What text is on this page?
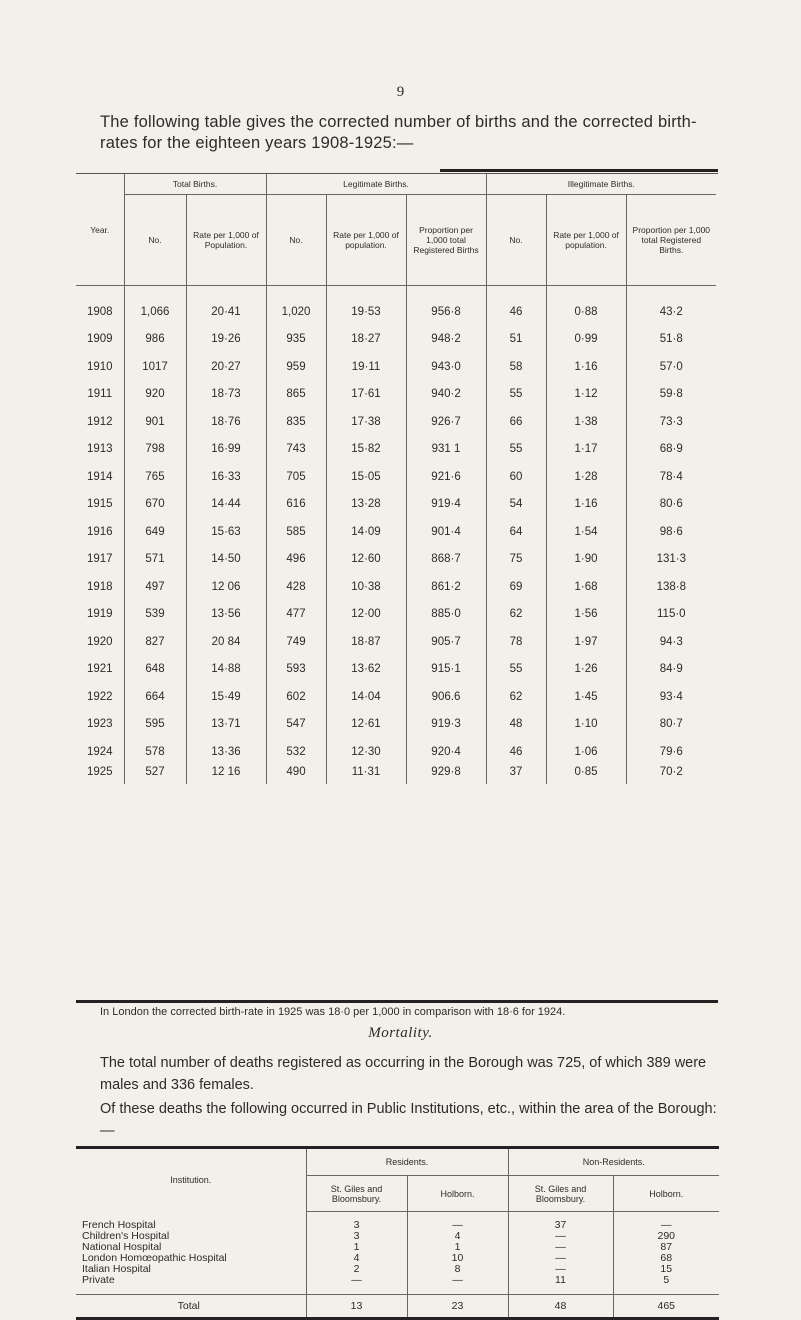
9
The following table gives the corrected number of births and the corrected birth-rates for the eighteen years 1908-1925:—
Year.	Total Births.		Legitimate Births.			Illegitimate Births.		
	No.	Rate per 1,000 of Population.	No.	Rate per 1,000 of population.	Proportion per 1,000 total Registered Births	No.	Rate per 1,000 of population.	Proportion per 1,000 total Registered Births.
1908	1,066	20·41	1,020	19·53	956·8	46	0·88	43·2
1909	986	19·26	935	18·27	948·2	51	0·99	51·8
1910	1017	20·27	959	19·11	943·0	58	1·16	57·0
1911	920	18·73	865	17·61	940·2	55	1·12	59·8
1912	901	18·76	835	17·38	926·7	66	1·38	73·3
1913	798	16·99	743	15·82	931 1	55	1·17	68·9
1914	765	16·33	705	15·05	921·6	60	1·28	78·4
1915	670	14·44	616	13·28	919·4	54	1·16	80·6
1916	649	15·63	585	14·09	901·4	64	1·54	98·6
1917	571	14·50	496	12·60	868·7	75	1·90	131·3
1918	497	12 06	428	10·38	861·2	69	1·68	138·8
1919	539	13·56	477	12·00	885·0	62	1·56	115·0
1920	827	20 84	749	18·87	905·7	78	1·97	94·3
1921	648	14·88	593	13·62	915·1	55	1·26	84·9
1922	664	15·49	602	14·04	906.6	62	1·45	93·4
1923	595	13·71	547	12·61	919·3	48	1·10	80·7
1924	578	13·36	532	12·30	920·4	46	1·06	79·6
1925	527	12 16	490	11·31	929·8	37	0·85	70·2
In London the corrected birth-rate in 1925 was 18·0 per 1,000 in comparison with 18·6 for 1924.
Mortality.
The total number of deaths registered as occurring in the Borough was 725, of which 389 were males and 336 females.
Of these deaths the following occurred in Public Institutions, etc., within the area of the Borough:—
Institution.	Residents.		Non-Residents.	
	St. Giles and Bloomsbury.	Holborn.	St. Giles and Bloomsbury.	Holborn.

French Hospital	3	—	37	—
Children's Hospital	3	4	—	290
National Hospital	1	1	—	87
London Homœopathic Hospital	4	10	—	68
Italian Hospital	2	8	—	15
Private	—	—	11	5

Total	13	23	48	465
